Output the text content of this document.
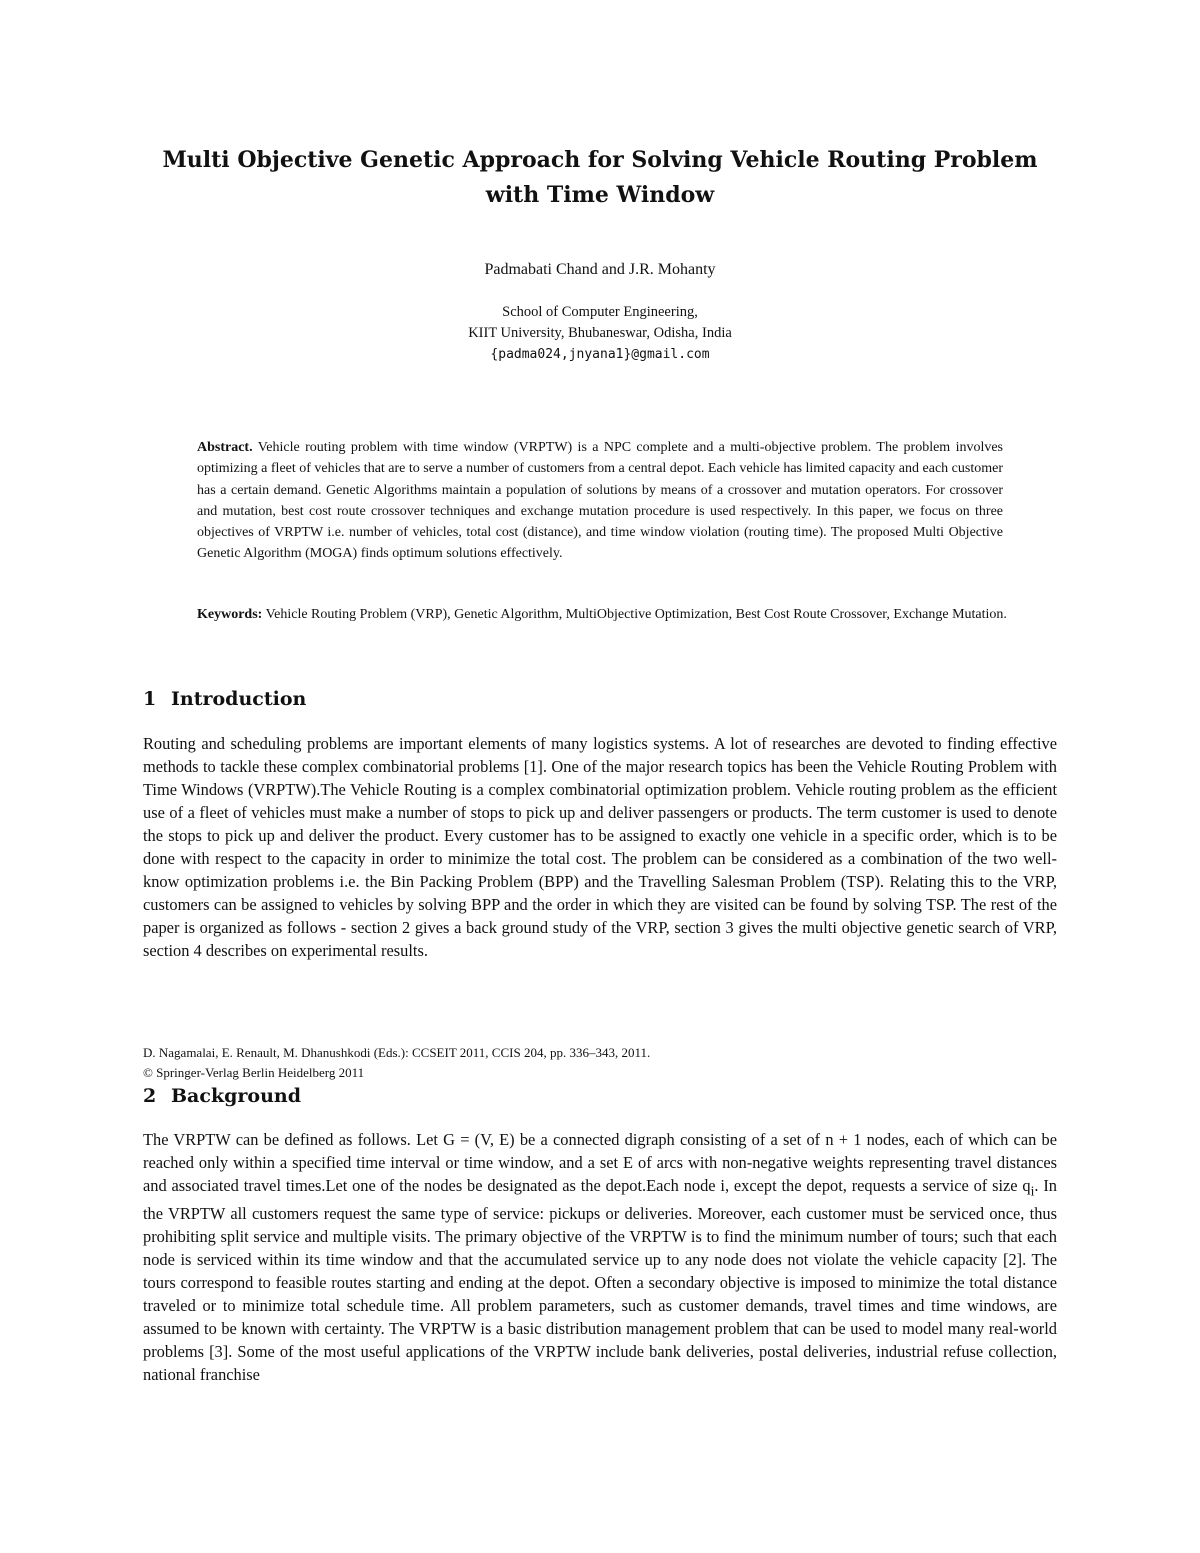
Multi Objective Genetic Approach for Solving Vehicle Routing Problem with Time Window
Padmabati Chand and J.R. Mohanty
School of Computer Engineering,
KIIT University, Bhubaneswar, Odisha, India
{padma024,jnyana1}@gmail.com
Abstract. Vehicle routing problem with time window (VRPTW) is a NPC complete and a multi-objective problem. The problem involves optimizing a fleet of vehicles that are to serve a number of customers from a central depot. Each vehicle has limited capacity and each customer has a certain demand. Genetic Algorithms maintain a population of solutions by means of a crossover and mutation operators. For crossover and mutation, best cost route crossover techniques and exchange mutation procedure is used respectively. In this paper, we focus on three objectives of VRPTW i.e. number of vehicles, total cost (distance), and time window violation (routing time). The proposed Multi Objective Genetic Algorithm (MOGA) finds optimum solutions effectively.
Keywords: Vehicle Routing Problem (VRP), Genetic Algorithm, MultiObjective Optimization, Best Cost Route Crossover, Exchange Mutation.
1 Introduction
Routing and scheduling problems are important elements of many logistics systems. A lot of researches are devoted to finding effective methods to tackle these complex combinatorial problems [1]. One of the major research topics has been the Vehicle Routing Problem with Time Windows (VRPTW).The Vehicle Routing is a complex combinatorial optimization problem. Vehicle routing problem as the efficient use of a fleet of vehicles must make a number of stops to pick up and deliver passengers or products. The term customer is used to denote the stops to pick up and deliver the product. Every customer has to be assigned to exactly one vehicle in a specific order, which is to be done with respect to the capacity in order to minimize the total cost. The problem can be considered as a combination of the two well-know optimization problems i.e. the Bin Packing Problem (BPP) and the Travelling Salesman Problem (TSP). Relating this to the VRP, customers can be assigned to vehicles by solving BPP and the order in which they are visited can be found by solving TSP. The rest of the paper is organized as follows - section 2 gives a back ground study of the VRP, section 3 gives the multi objective genetic search of VRP, section 4 describes on experimental results.
D. Nagamalai, E. Renault, M. Dhanushkodi (Eds.): CCSEIT 2011, CCIS 204, pp. 336–343, 2011.
© Springer-Verlag Berlin Heidelberg 2011
2 Background
The VRPTW can be defined as follows. Let G = (V, E) be a connected digraph consisting of a set of n + 1 nodes, each of which can be reached only within a specified time interval or time window, and a set E of arcs with non-negative weights representing travel distances and associated travel times.Let one of the nodes be designated as the depot.Each node i, except the depot, requests a service of size $q_i$. In the VRPTW all customers request the same type of service: pickups or deliveries. Moreover, each customer must be serviced once, thus prohibiting split service and multiple visits. The primary objective of the VRPTW is to find the minimum number of tours; such that each node is serviced within its time window and that the accumulated service up to any node does not violate the vehicle capacity [2]. The tours correspond to feasible routes starting and ending at the depot. Often a secondary objective is imposed to minimize the total distance traveled or to minimize total schedule time. All problem parameters, such as customer demands, travel times and time windows, are assumed to be known with certainty. The VRPTW is a basic distribution management problem that can be used to model many real-world problems [3]. Some of the most useful applications of the VRPTW include bank deliveries, postal deliveries, industrial refuse collection, national franchise
